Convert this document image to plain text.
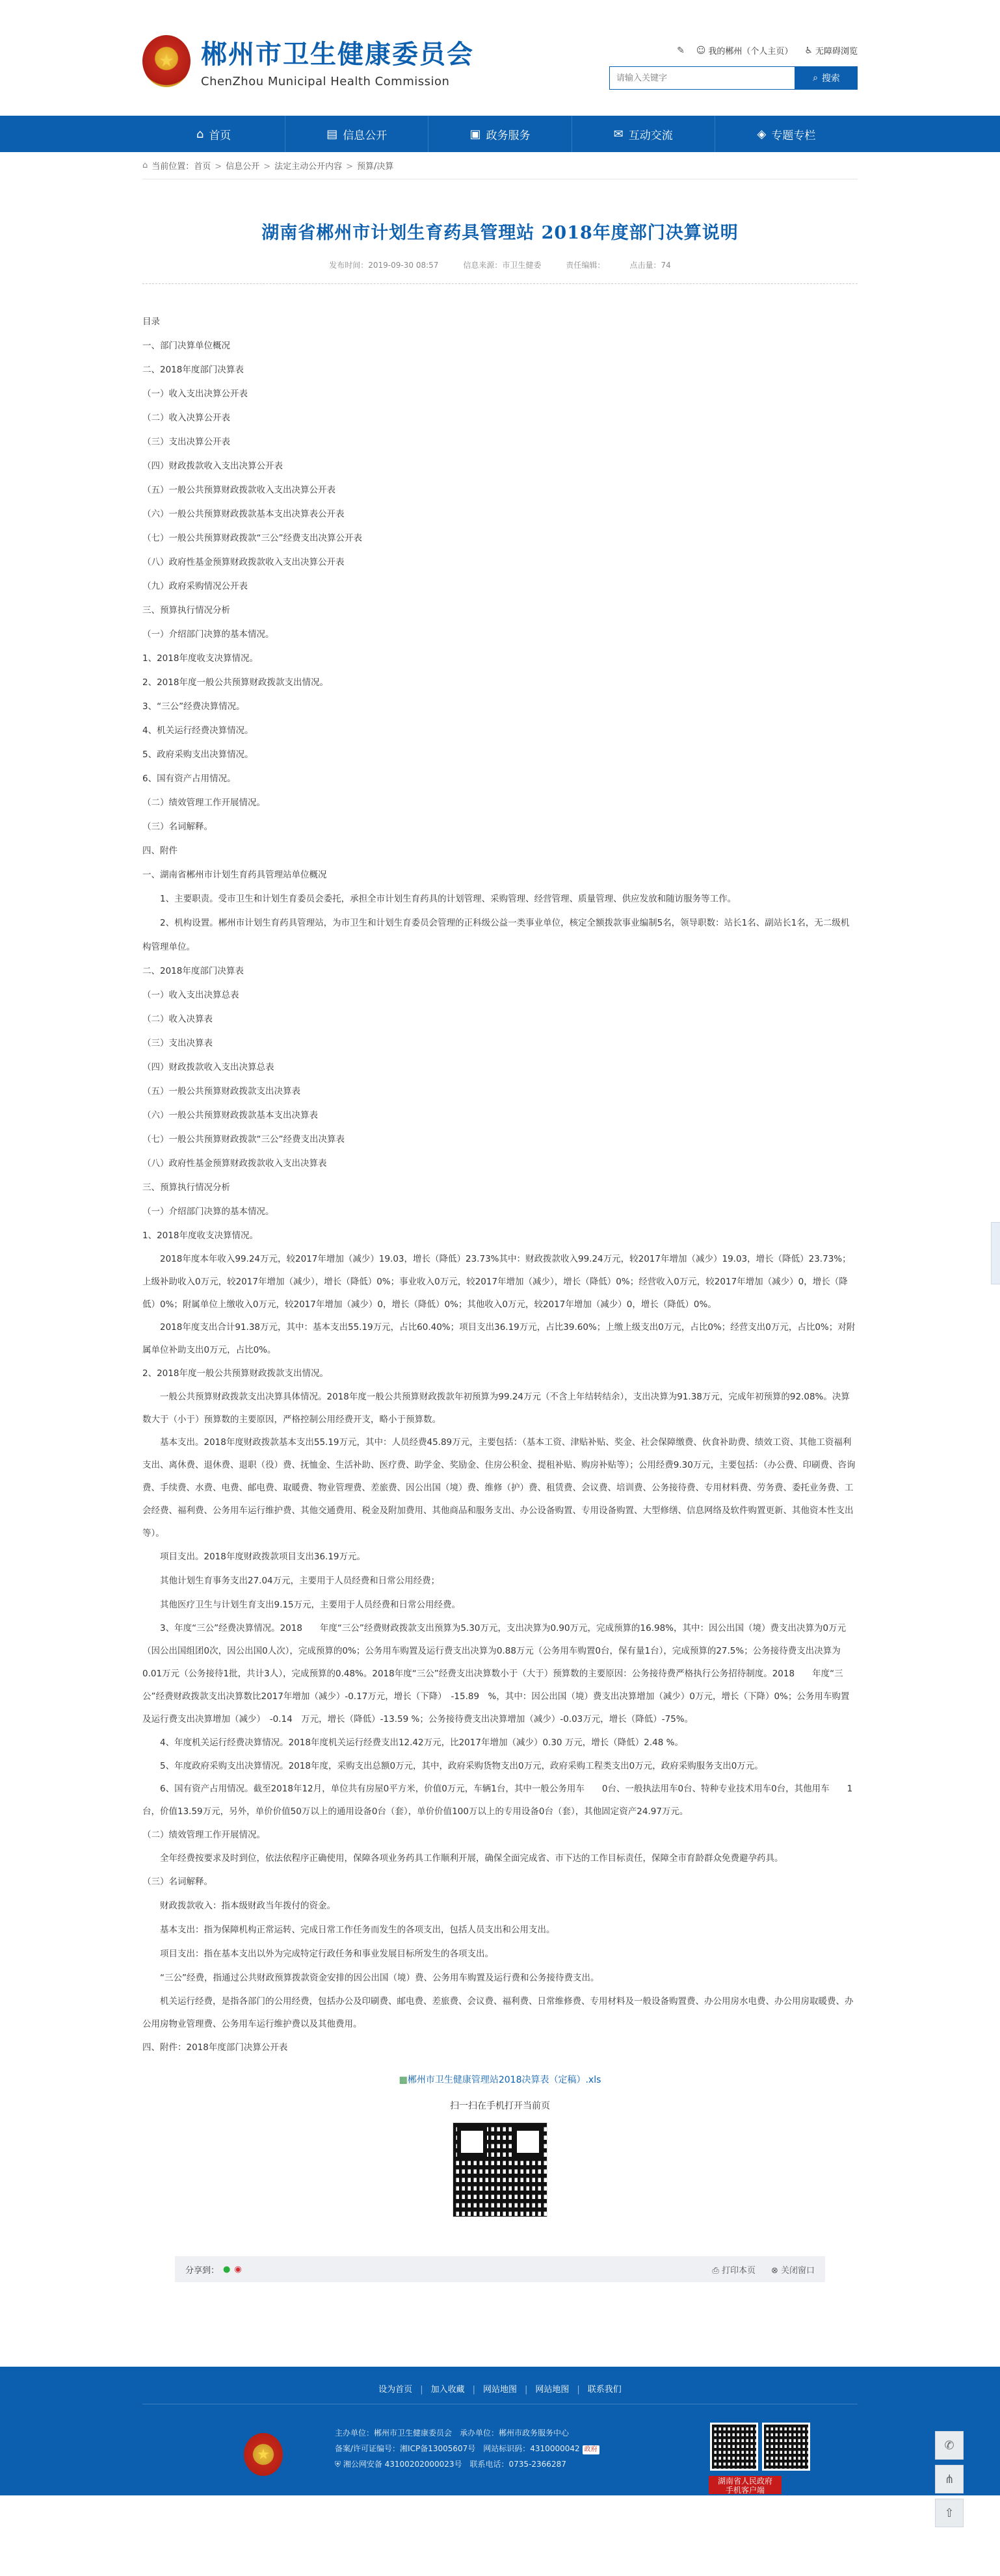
★
郴州市卫生健康委员会
ChenZhou Municipal Health Commission
✎ ☺ 我的郴州（个人主页） ♿ 无障碍浏览
请输入关键字
⌕ 搜索
⌂ 首页	▤ 信息公开	▣ 政务服务	✉ 互动交流	◈ 专题专栏
⌂ 当前位置： 首页 > 信息公开 > 法定主动公开内容 > 预算/决算
湖南省郴州市计划生育药具管理站 2018年度部门决算说明
发布时间：2019-09-30 08:57	信息来源：市卫生健委	责任编辑：	点击量：74

目录

一、部门决算单位概况

二、2018年度部门决算表

（一）收入支出决算公开表

（二）收入决算公开表

（三）支出决算公开表

（四）财政拨款收入支出决算公开表

（五）一般公共预算财政拨款收入支出决算公开表

（六）一般公共预算财政拨款基本支出决算表公开表

（七）一般公共预算财政拨款“三公”经费支出决算公开表

（八）政府性基金预算财政拨款收入支出决算公开表

（九）政府采购情况公开表

三、预算执行情况分析

（一）介绍部门决算的基本情况。

1、2018年度收支决算情况。

2、2018年度一般公共预算财政拨款支出情况。

3、“三公”经费决算情况。

4、机关运行经费决算情况。

5、政府采购支出决算情况。

6、国有资产占用情况。

（二）绩效管理工作开展情况。

（三）名词解释。

四、附件

一、湖南省郴州市计划生育药具管理站单位概况

1、主要职责。受市卫生和计划生育委员会委托，承担全市计划生育药具的计划管理、采购管理、经营管理、质量管理、供应发放和随访服务等工作。

2、机构设置。郴州市计划生育药具管理站，为市卫生和计划生育委员会管理的正科级公益一类事业单位，核定全额拨款事业编制5名，领导职数：站长1名、副站长1名，无二级机构管理单位。

二、2018年度部门决算表

（一）收入支出决算总表

（二）收入决算表

（三）支出决算表

（四）财政拨款收入支出决算总表

（五）一般公共预算财政拨款支出决算表

（六）一般公共预算财政拨款基本支出决算表

（七）一般公共预算财政拨款“三公”经费支出决算表

（八）政府性基金预算财政拨款收入支出决算表

三、预算执行情况分析

（一）介绍部门决算的基本情况。

1、2018年度收支决算情况。

2018年度本年收入99.24万元，较2017年增加（减少）19.03，增长（降低）23.73%其中：财政拨款收入99.24万元，较2017年增加（减少）19.03，增长（降低）23.73%；上级补助收入0万元，较2017年增加（减少），增长（降低）0%；事业收入0万元，较2017年增加（减少），增长（降低）0%；经营收入0万元，较2017年增加（减少）0，增长（降低）0%；附属单位上缴收入0万元，较2017年增加（减少）0，增长（降低）0%；其他收入0万元，较2017年增加（减少）0，增长（降低）0%。

2018年度支出合计91.38万元，其中：基本支出55.19万元，占比60.40%；项目支出36.19万元，占比39.60%；上缴上级支出0万元，占比0%；经营支出0万元，占比0%；对附属单位补助支出0万元，占比0%。

2、2018年度一般公共预算财政拨款支出情况。

一般公共预算财政拨款支出决算具体情况。2018年度一般公共预算财政拨款年初预算为99.24万元（不含上年结转结余），支出决算为91.38万元，完成年初预算的92.08%。决算数大于（小于）预算数的主要原因，严格控制公用经费开支，略小于预算数。

基本支出。2018年度财政拨款基本支出55.19万元，其中：人员经费45.89万元，主要包括：（基本工资、津贴补贴、奖金、社会保障缴费、伙食补助费、绩效工资、其他工资福利支出、离休费、退休费、退职（役）费、抚恤金、生活补助、医疗费、助学金、奖励金、住房公积金、提租补贴、购房补贴等）；公用经费9.30万元，主要包括：（办公费、印刷费、咨询费、手续费、水费、电费、邮电费、取暖费、物业管理费、差旅费、因公出国（境）费、维修（护）费、租赁费、会议费、培训费、公务接待费、专用材料费、劳务费、委托业务费、工会经费、福利费、公务用车运行维护费、其他交通费用、税金及附加费用、其他商品和服务支出、办公设备购置、专用设备购置、大型修缮、信息网络及软件购置更新、其他资本性支出等）。

项目支出。2018年度财政拨款项目支出36.19万元。

其他计划生育事务支出27.04万元，主要用于人员经费和日常公用经费；

其他医疗卫生与计划生育支出9.15万元，主要用于人员经费和日常公用经费。

3、年度“三公”经费决算情况。2018　　年度“三公”经费财政拨款支出预算为5.30万元，支出决算为0.90万元，完成预算的16.98%，其中：因公出国（境）费支出决算为0万元（因公出国组团0次，因公出国0人次），完成预算的0%；公务用车购置及运行费支出决算为0.88万元（公务用车购置0台，保有量1台），完成预算的27.5%；公务接待费支出决算为0.01万元（公务接待1批，共计3人），完成预算的0.48%。2018年度“三公”经费支出决算数小于（大于）预算数的主要原因：公务接待费严格执行公务招待制度。2018　　年度“三公”经费财政拨款支出决算数比2017年增加（减少）-0.17万元，增长（下降）　-15.89　%，其中：因公出国（境）费支出决算增加（减少）0万元，增长（下降）0%；公务用车购置及运行费支出决算增加（减少）　-0.14　万元，增长（降低）-13.59 %；公务接待费支出决算增加（减少）-0.03万元，增长（降低）-75%。

4、年度机关运行经费决算情况。2018年度机关运行经费支出12.42万元，比2017年增加（减少）0.30 万元，增长（降低）2.48 %。

5、年度政府采购支出决算情况。2018年度，采购支出总额0万元，其中，政府采购货物支出0万元，政府采购工程类支出0万元，政府采购服务支出0万元。

6、国有资产占用情况。截至2018年12月，单位共有房屋0平方米，价值0万元，车辆1台，其中一般公务用车　　0台、一般执法用车0台、特种专业技术用车0台，其他用车　　1台，价值13.59万元，另外，单价价值50万以上的通用设备0台（套），单价价值100万以上的专用设备0台（套），其他固定资产24.97万元。

（二）绩效管理工作开展情况。

全年经费按要求及时到位，依法依程序正确使用，保障各项业务药具工作顺利开展，确保全面完成省、市下达的工作目标责任，保障全市育龄群众免费避孕药具。

（三）名词解释。

财政拨款收入：指本级财政当年拨付的资金。

基本支出：指为保障机构正常运转、完成日常工作任务而发生的各项支出，包括人员支出和公用支出。

项目支出：指在基本支出以外为完成特定行政任务和事业发展目标所发生的各项支出。

“三公”经费，指通过公共财政预算拨款资金安排的因公出国（境）费、公务用车购置及运行费和公务接待费支出。

机关运行经费，是指各部门的公用经费，包括办公及印刷费、邮电费、差旅费、会议费、福利费、日常维修费、专用材料及一般设备购置费、办公用房水电费、办公用房取暖费、办公用房物业管理费、公务用车运行维护费以及其他费用。

四、附件：2018年度部门决算公开表

▦郴州市卫生健康管理站2018决算表（定稿）.xls
扫一扫在手机打开当前页
分享到： ● ◉	⎙ 打印本页 ⊗ 关闭窗口
设为首页 | 加入收藏 | 网站地图 | 网站地图 | 联系我们
★
主办单位：郴州市卫生健康委员会　承办单位：郴州市政务服务中心
备案/许可证编号：湘ICP备13005607号　网站标识码：4310000042 政府
⛨ 湘公网安备 43100202000023号　联系电话：0735-2366287
湖南省人民政府
手机客户端
✆
⋔
⇧
